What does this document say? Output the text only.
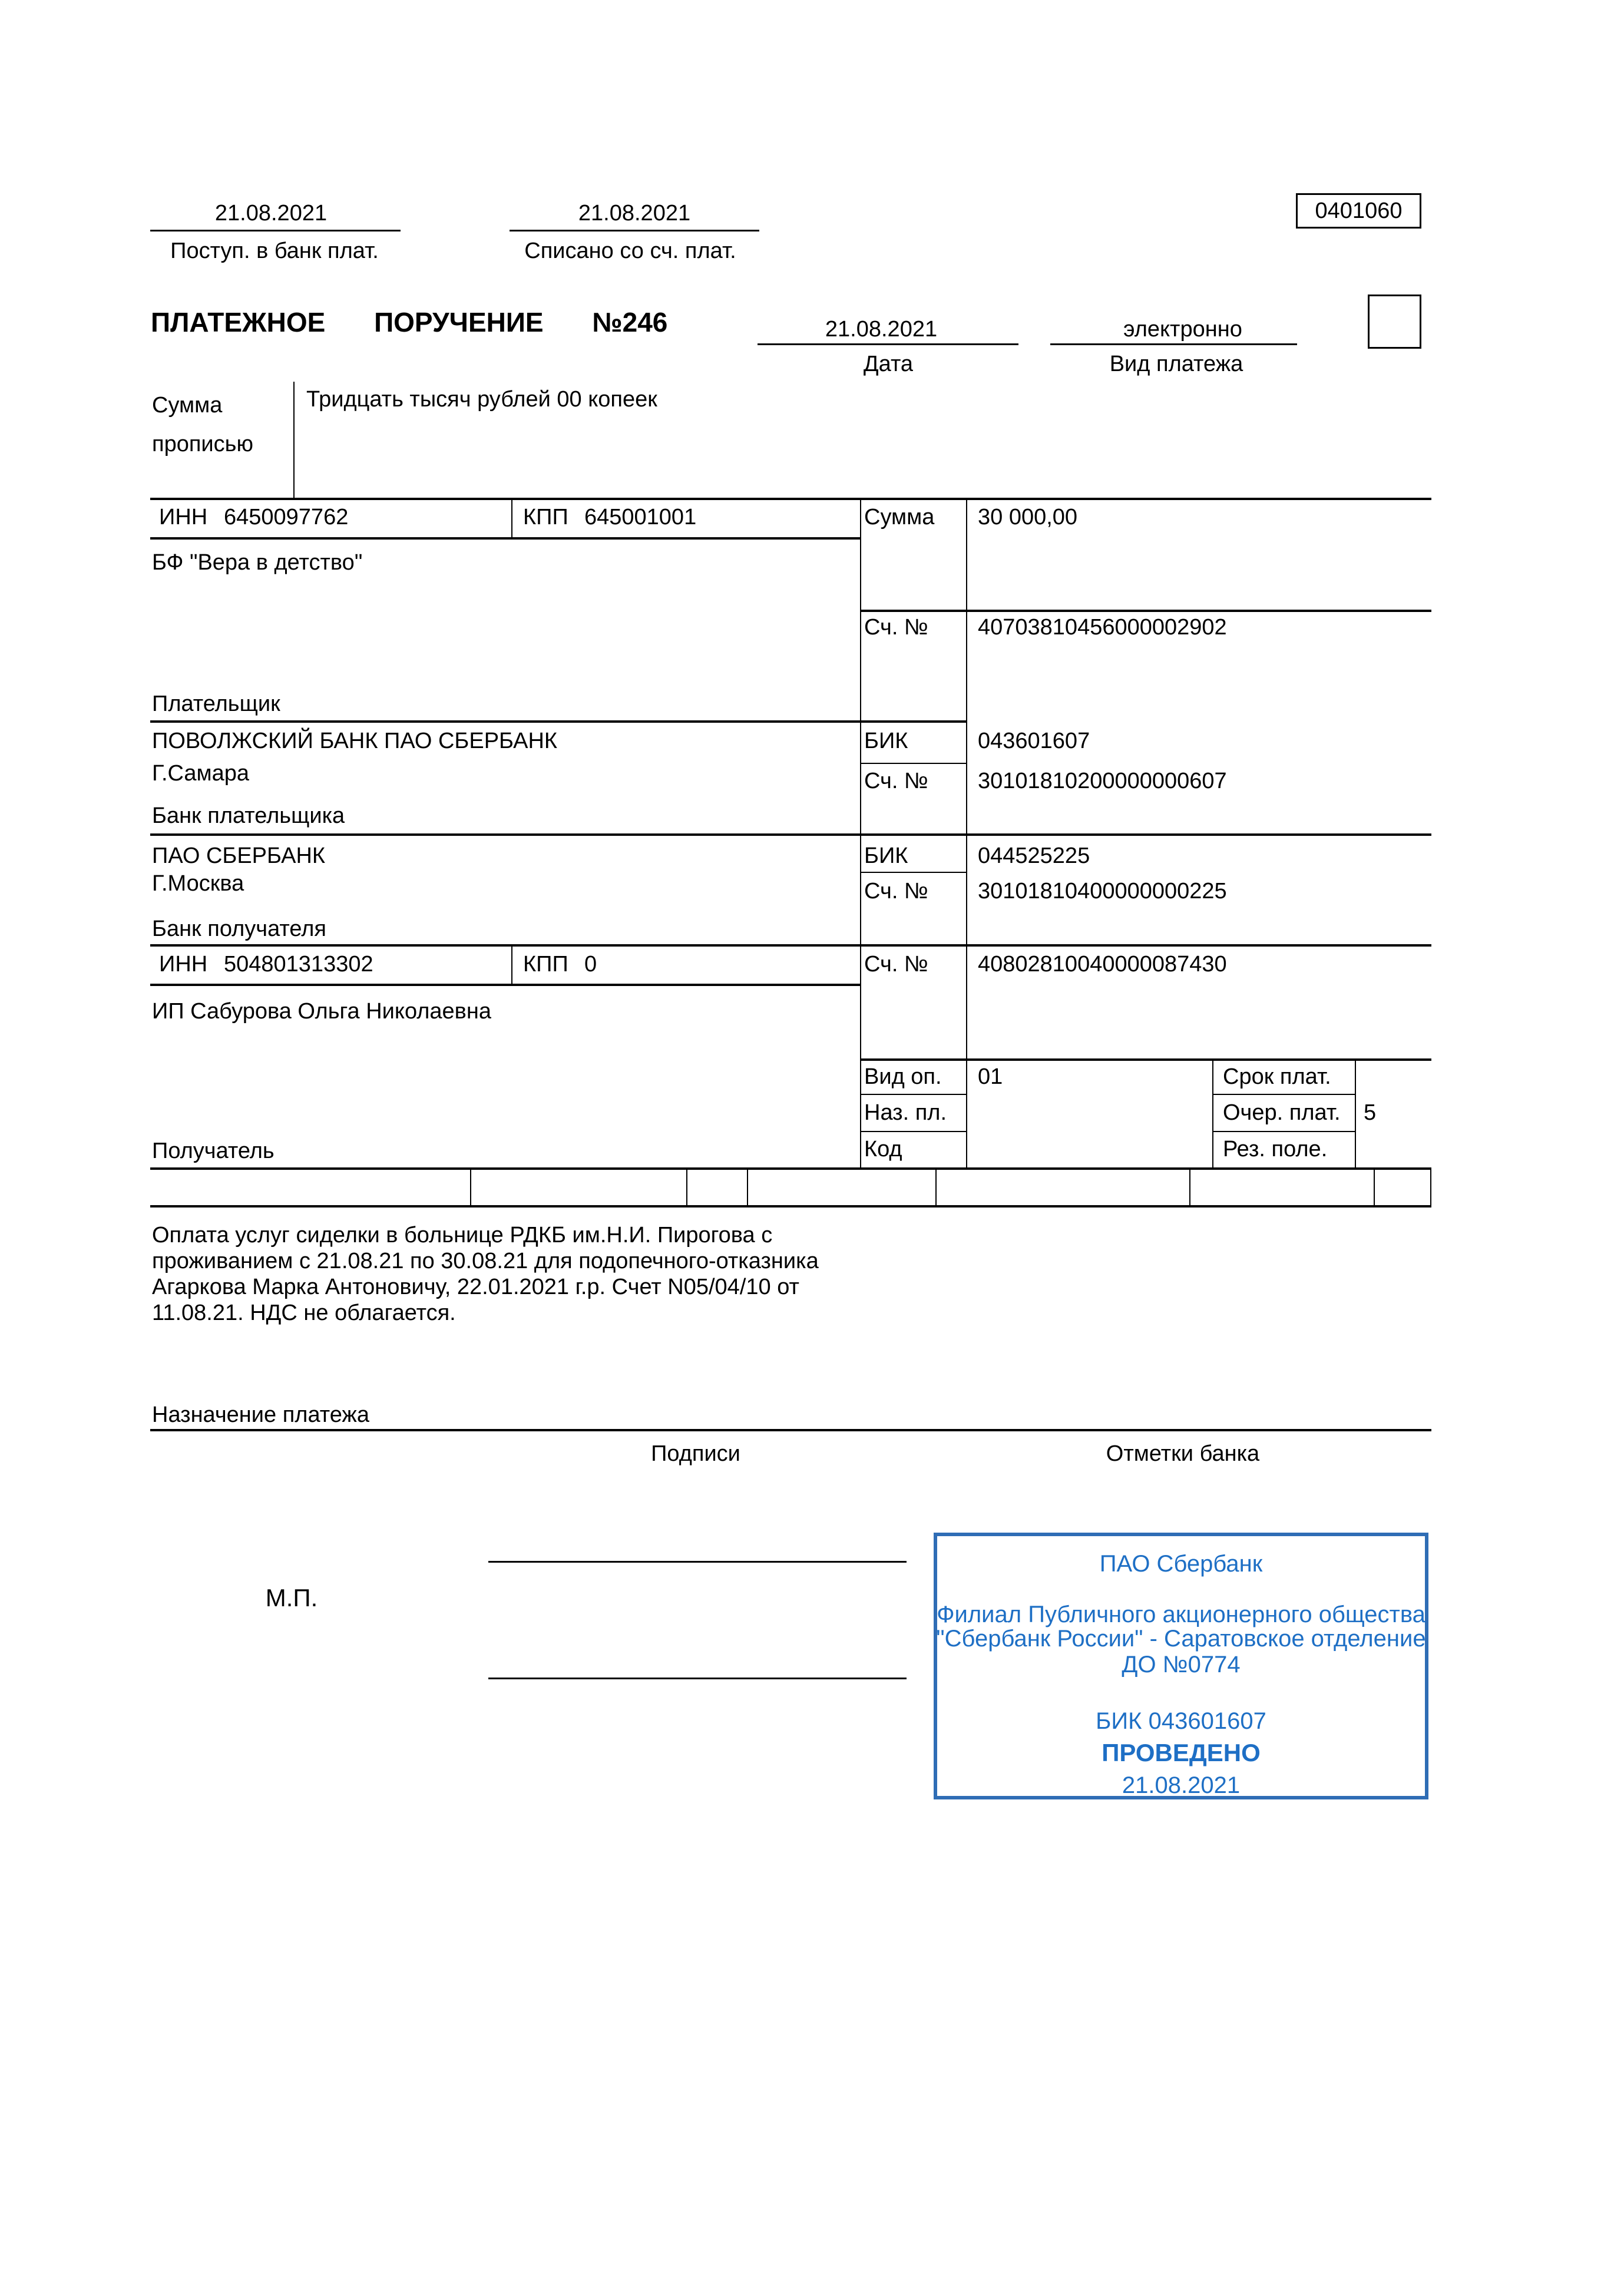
21.08.2021	21.08.2021
Поступ. в банк плат.	Списано со сч. плат.
0401060
ПЛАТЕЖНОЕ ПОРУЧЕНИЕ №246	21.08.2021	электронно
Дата	Вид платежа
Сумма прописью
Тридцать тысяч рублей 00 копеек
ИНН 6450097762	КПП 645001001	Сумма 30 000,00
БФ "Вера в детство"
Сч. № 40703810456000002902
Плательщик
ПОВОЛЖСКИЙ БАНК ПАО СБЕРБАНК	БИК	043601607
Г.Самара	Сч. № 30101810200000000607
Банк плательщика
ПАО СБЕРБАНК	БИК	044525225
Г.Москва	Сч. № 30101810400000000225
Банк получателя
ИНН 504801313302	КПП 0	Сч. № 40802810040000087430
ИП Сабурова Ольга Николаевна
Получатель
Вид оп. 01	Срок плат.
Наз. пл.	Очер. плат. 5
Код	Рез. поле.
Оплата услуг сиделки в больнице РДКБ им.Н.И. Пирогова с проживанием с 21.08.21 по 30.08.21 для подопечного-отказника Агаркова Марка Антоновичу, 22.01.2021 г.р. Счет N05/04/10 от 11.08.21. НДС не облагается.
Назначение платежа
Подписи	Отметки банка
М.П.
ПАО Сбербанк
Филиал Публичного акционерного общества
"Сбербанк России" - Саратовское отделение
ДО №0774
БИК 043601607
ПРОВЕДЕНО
21.08.2021
